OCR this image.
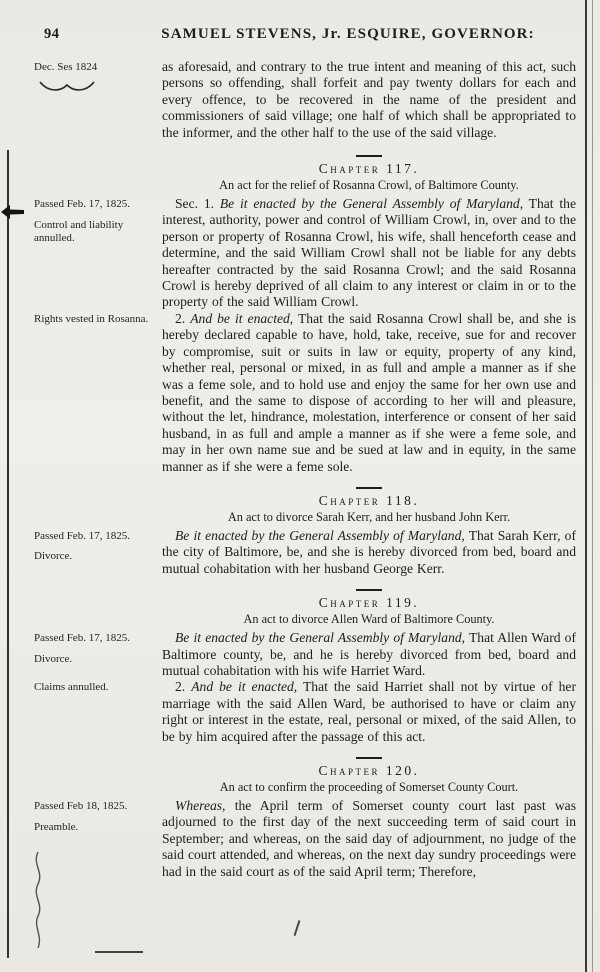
94	SAMUEL STEVENS, Jr. ESQUIRE, GOVERNOR:
Dec. Ses 1824	as aforesaid, and contrary to the true intent and meaning of this act, such persons so offending, shall forfeit and pay twenty dollars for each and every offence, to be recovered in the name of the president and commissioners of said village; one half of which shall be appropriated to the informer, and the other half to the use of the said village.

Chapter 117.
An act for the relief of Rosanna Crowl, of Baltimore County.
Passed Feb. 17, 1825.
Control and liability annulled.

Sec. 1. Be it enacted by the General Assembly of Maryland, That the interest, authority, power and control of William Crowl, in, over and to the person or property of Rosanna Crowl, his wife, shall henceforth cease and determine, and the said William Crowl shall not be liable for any debts hereafter contracted by the said Rosanna Crowl; and the said Rosanna Crowl is hereby deprived of all claim to any interest or claim in or to the property of the said William Crowl.

Rights vested in Rosanna.	2. And be it enacted, That the said Rosanna Crowl shall be, and she is hereby declared capable to have, hold, take, receive, sue for and recover by compromise, suit or suits in law or equity, property of any kind, whether real, personal or mixed, in as full and ample a manner as if she was a feme sole, and to hold use and enjoy the same for her own use and benefit, and the same to dispose of according to her will and pleasure, without the let, hindrance, molestation, interference or consent of her said husband, in as full and ample a manner as if she were a feme sole, and may in her own name sue and be sued at law and in equity, in the same manner as if she were a feme sole.

Chapter 118.
An act to divorce Sarah Kerr, and her husband John Kerr.
Passed Feb. 17, 1825.
Divorce.

Be it enacted by the General Assembly of Maryland, That Sarah Kerr, of the city of Baltimore, be, and she is hereby divorced from bed, board and mutual cohabitation with her husband George Kerr.

Chapter 119.
An act to divorce Allen Ward of Baltimore County.
Passed Feb. 17, 1825.
Divorce.

Be it enacted by the General Assembly of Maryland, That Allen Ward of Baltimore county, be, and he is hereby divorced from bed, board and mutual cohabitation with his wife Harriet Ward.

Claims annulled.	2. And be it enacted, That the said Harriet shall not by virtue of her marriage with the said Allen Ward, be authorised to have or claim any right or interest in the estate, real, personal or mixed, of the said Allen, to be by him acquired after the passage of this act.

Chapter 120.
An act to confirm the proceeding of Somerset County Court.
Passed Feb 18, 1825.
Preamble.

Whereas, the April term of Somerset county court last past was adjourned to the first day of the next succeeding term of said court in September; and whereas, on the said day of adjournment, no judge of the said court attended, and whereas, on the next day sundry proceedings were had in the said court as of the said April term; Therefore,
